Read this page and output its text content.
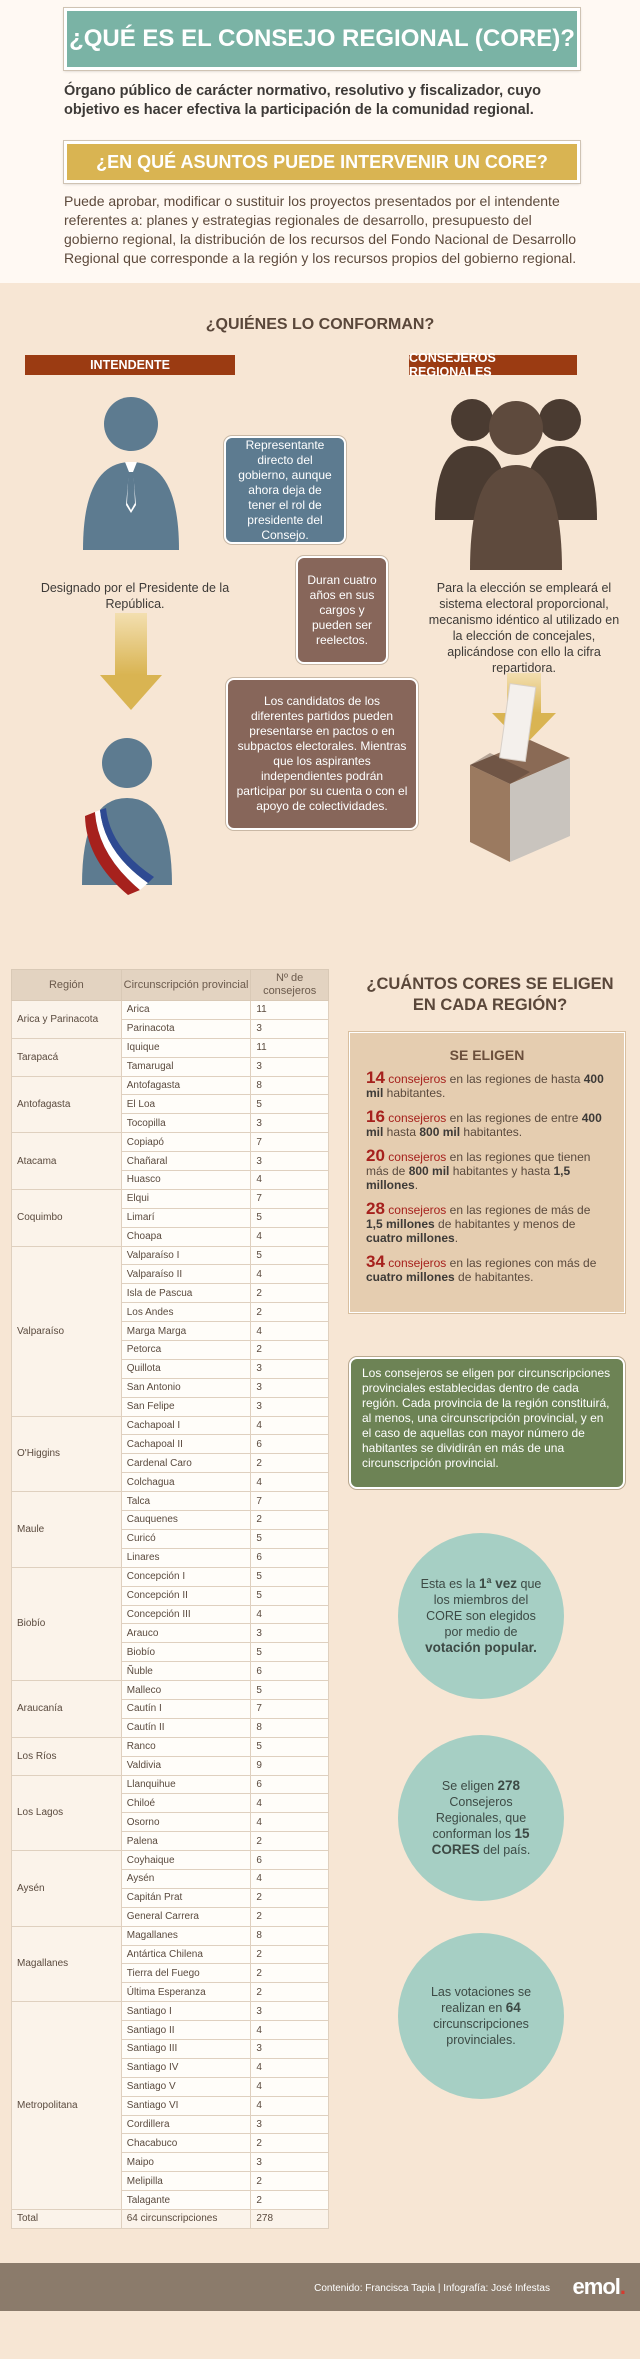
¿QUÉ ES EL CONSEJO REGIONAL (CORE)?
Órgano público de carácter normativo, resolutivo y fiscalizador, cuyo objetivo es hacer efectiva la participación de la comunidad regional.
¿EN QUÉ ASUNTOS PUEDE INTERVENIR UN CORE?
Puede aprobar, modificar o sustituir los proyectos presentados por el intendente referentes a: planes y estrategias regionales de desarrollo, presupuesto del gobierno regional, la distribución de los recursos del Fondo Nacional de Desarrollo Regional que corresponde a la región y los recursos propios del gobierno regional.
¿QUIÉNES LO CONFORMAN?
INTENDENTE	CONSEJEROS REGIONALES
Representante directo del gobierno, aunque ahora deja de tener el rol de presidente del Consejo.
Designado por el Presidente de la República.
Duran cuatro años en sus cargos y pueden ser reelectos.
Para la elección se empleará el sistema electoral proporcional, mecanismo idéntico al utilizado en la elección de concejales, aplicándose con ello la cifra repartidora.
Los candidatos de los diferentes partidos pueden presentarse en pactos o en subpactos electorales. Mientras que los aspirantes independientes podrán participar por su cuenta o con el apoyo de colectividades.
Región	Circunscripción provincial	Nº de consejeros
Arica y Parinacota	Arica	11
	Parinacota	3
Tarapacá	Iquique	11
	Tamarugal	3
Antofagasta	Antofagasta	8
	El Loa	5
	Tocopilla	3
Atacama	Copiapó	7
	Chañaral	3
	Huasco	4
Coquimbo	Elqui	7
	Limarí	5
	Choapa	4
Valparaíso	Valparaíso I	5
	Valparaíso II	4
	Isla de Pascua	2
	Los Andes	2
	Marga Marga	4
	Petorca	2
	Quillota	3
	San Antonio	3
	San Felipe	3
O'Higgins	Cachapoal I	4
	Cachapoal II	6
	Cardenal Caro	2
	Colchagua	4
Maule	Talca	7
	Cauquenes	2
	Curicó	5
	Linares	6
Biobío	Concepción I	5
	Concepción II	5
	Concepción III	4
	Arauco	3
	Biobío	5
	Ñuble	6
Araucanía	Malleco	5
	Cautín I	7
	Cautín II	8
Los Ríos	Ranco	5
	Valdivia	9
Los Lagos	Llanquihue	6
	Chiloé	4
	Osorno	4
	Palena	2
Aysén	Coyhaique	6
	Aysén	4
	Capitán Prat	2
	General Carrera	2
Magallanes	Magallanes	8
	Antártica Chilena	2
	Tierra del Fuego	2
	Última Esperanza	2
Metropolitana	Santiago I	3
	Santiago II	4
	Santiago III	3
	Santiago IV	4
	Santiago V	4
	Santiago VI	4
	Cordillera	3
	Chacabuco	2
	Maipo	3
	Melipilla	2
	Talagante	2
Total	64 circunscripciones	278
¿CUÁNTOS CORES SE ELIGEN EN CADA REGIÓN?
SE ELIGEN
14 consejeros en las regiones de hasta 400 mil habitantes.
16 consejeros en las regiones de entre 400 mil hasta 800 mil habitantes.
20 consejeros en las regiones que tienen más de 800 mil habitantes y hasta 1,5 millones.
28 consejeros en las regiones de más de 1,5 millones de habitantes y menos de cuatro millones.
34 consejeros en las regiones con más de cuatro millones de habitantes.
Los consejeros se eligen por circunscripciones provinciales establecidas dentro de cada región. Cada provincia de la región constituirá, al menos, una circunscripción provincial, y en el caso de aquellas con mayor número de habitantes se dividirán en más de una circunscripción provincial.
Esta es la 1ª vez que los miembros del CORE son elegidos por medio de votación popular.
Se eligen 278 Consejeros Regionales, que conforman los 15 CORES del país.
Las votaciones se realizan en 64 circunscripciones provinciales.
Contenido: Francisca Tapia | Infografía: José Infestas emol.
